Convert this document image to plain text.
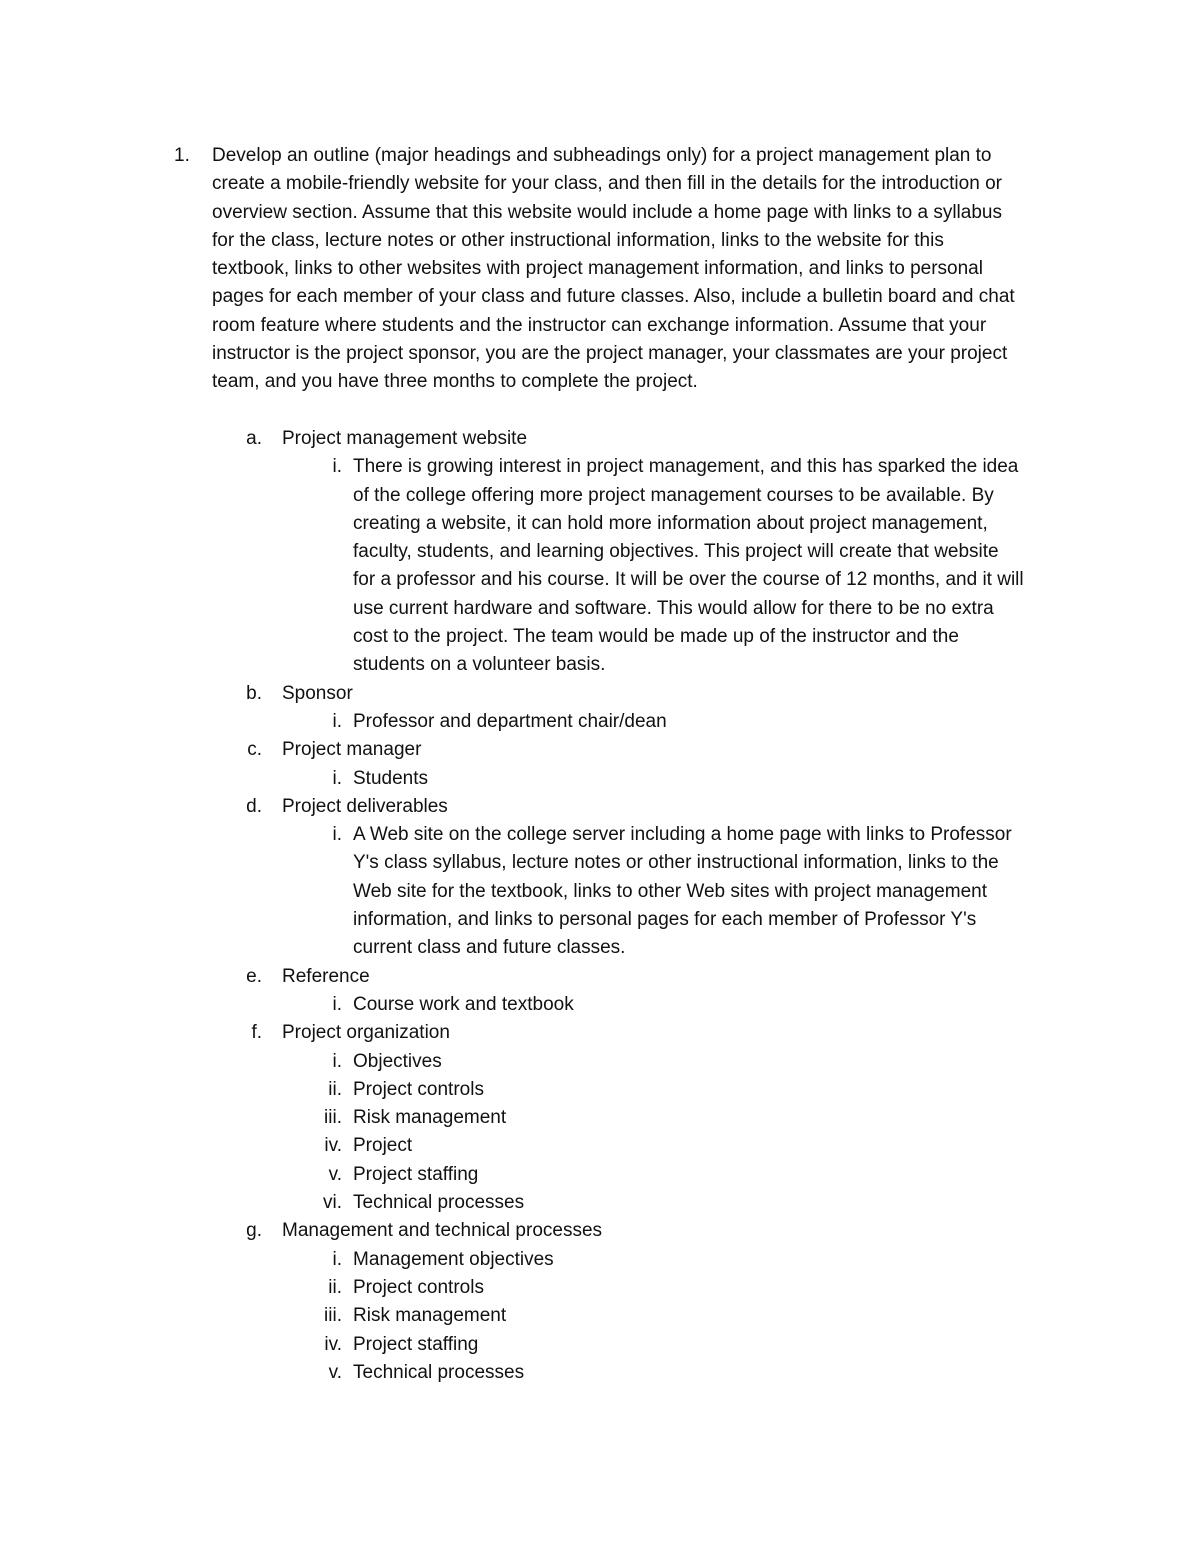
1. Develop an outline (major headings and subheadings only) for a project management plan to
create a mobile-friendly website for your class, and then fill in the details for the introduction or
overview section. Assume that this website would include a home page with links to a syllabus
for the class, lecture notes or other instructional information, links to the website for this
textbook, links to other websites with project management information, and links to personal
pages for each member of your class and future classes. Also, include a bulletin board and chat
room feature where students and the instructor can exchange information. Assume that your
instructor is the project sponsor, you are the project manager, your classmates are your project
team, and you have three months to complete the project.
a. Project management website
i. There is growing interest in project management, and this has sparked the idea
of the college offering more project management courses to be available. By
creating a website, it can hold more information about project management,
faculty, students, and learning objectives. This project will create that website
for a professor and his course. It will be over the course of 12 months, and it will
use current hardware and software. This would allow for there to be no extra
cost to the project. The team would be made up of the instructor and the
students on a volunteer basis.
b. Sponsor
i. Professor and department chair/dean
c. Project manager
i. Students
d. Project deliverables
i. A Web site on the college server including a home page with links to Professor
Y's class syllabus, lecture notes or other instructional information, links to the
Web site for the textbook, links to other Web sites with project management
information, and links to personal pages for each member of Professor Y's
current class and future classes.
e. Reference
i. Course work and textbook
f. Project organization
i. Objectives
ii. Project controls
iii. Risk management
iv. Project
v. Project staffing
vi. Technical processes
g. Management and technical processes
i. Management objectives
ii. Project controls
iii. Risk management
iv. Project staffing
v. Technical processes
